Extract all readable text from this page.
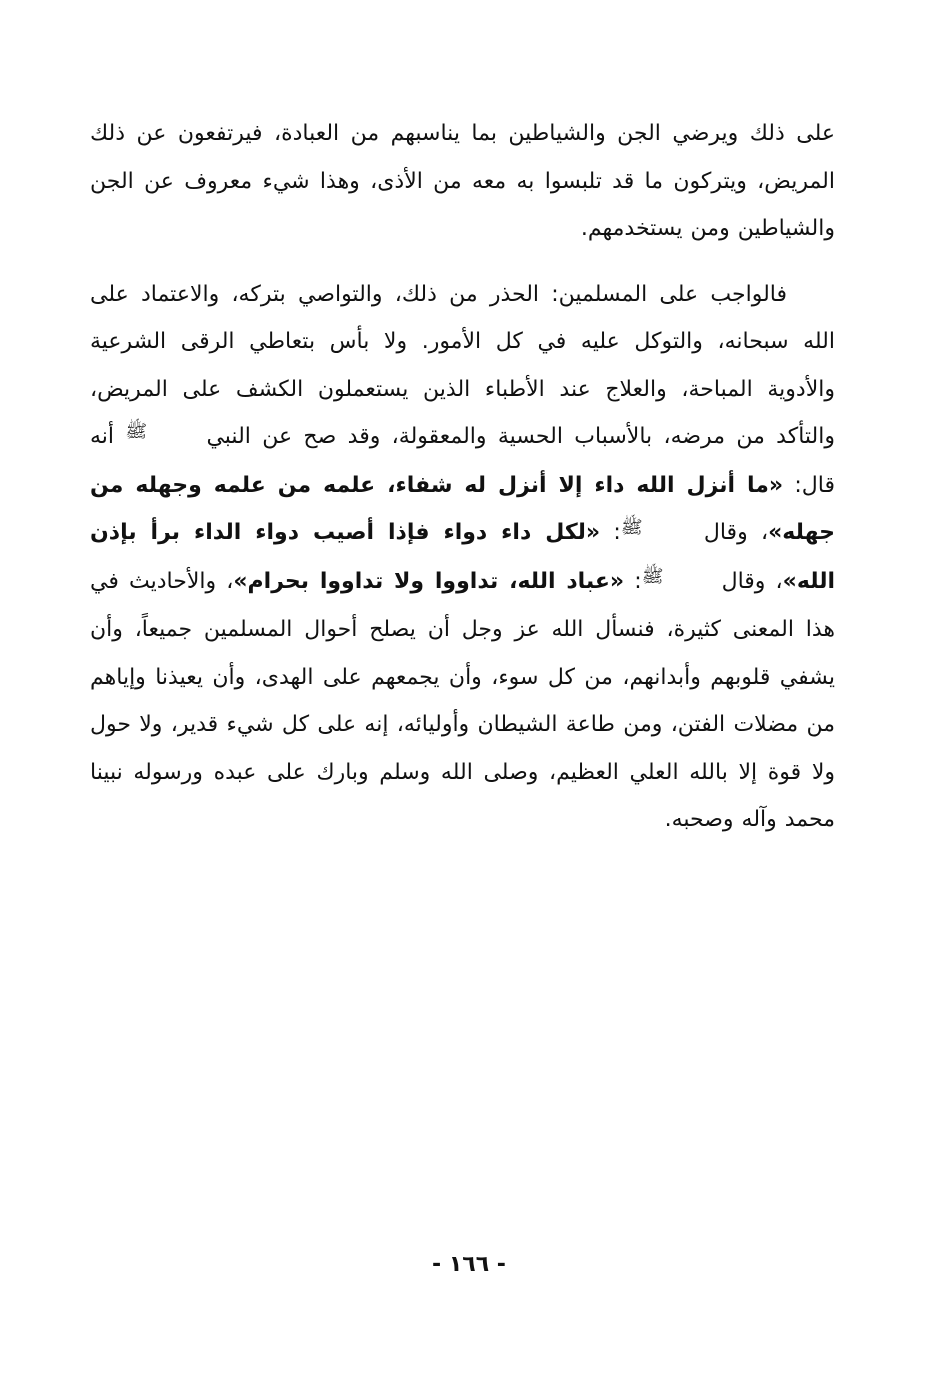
على ذلك ويرضي الجن والشياطين بما يناسبهم من العبادة، فيرتفعون عن ذلك المريض، ويتركون ما قد تلبسوا به معه من الأذى، وهذا شيء معروف عن الجن والشياطين ومن يستخدمهم.

فالواجب على المسلمين: الحذر من ذلك، والتواصي بتركه، والاعتماد على الله سبحانه، والتوكل عليه في كل الأمور. ولا بأس بتعاطي الرقى الشرعية والأدوية المباحة، والعلاج عند الأطباء الذين يستعملون الكشف على المريض، والتأكد من مرضه، بالأسباب الحسية والمعقولة، وقد صح عن النبي ﷺ أنه قال: «ما أنزل الله داء إلا أنزل له شفاء، علمه من علمه وجهله من جهله»، وقال ﷺ: «لكل داء دواء فإذا أصيب دواء الداء برأ بإذن الله»، وقال ﷺ: «عباد الله، تداووا ولا تداووا بحرام»، والأحاديث في هذا المعنى كثيرة، فنسأل الله عز وجل أن يصلح أحوال المسلمين جميعاً، وأن يشفي قلوبهم وأبدانهم، من كل سوء، وأن يجمعهم على الهدى، وأن يعيذنا وإياهم من مضلات الفتن، ومن طاعة الشيطان وأوليائه، إنه على كل شيء قدير، ولا حول ولا قوة إلا بالله العلي العظيم، وصلى الله وسلم وبارك على عبده ورسوله نبينا محمد وآله وصحبه.

- ١٦٦ -
